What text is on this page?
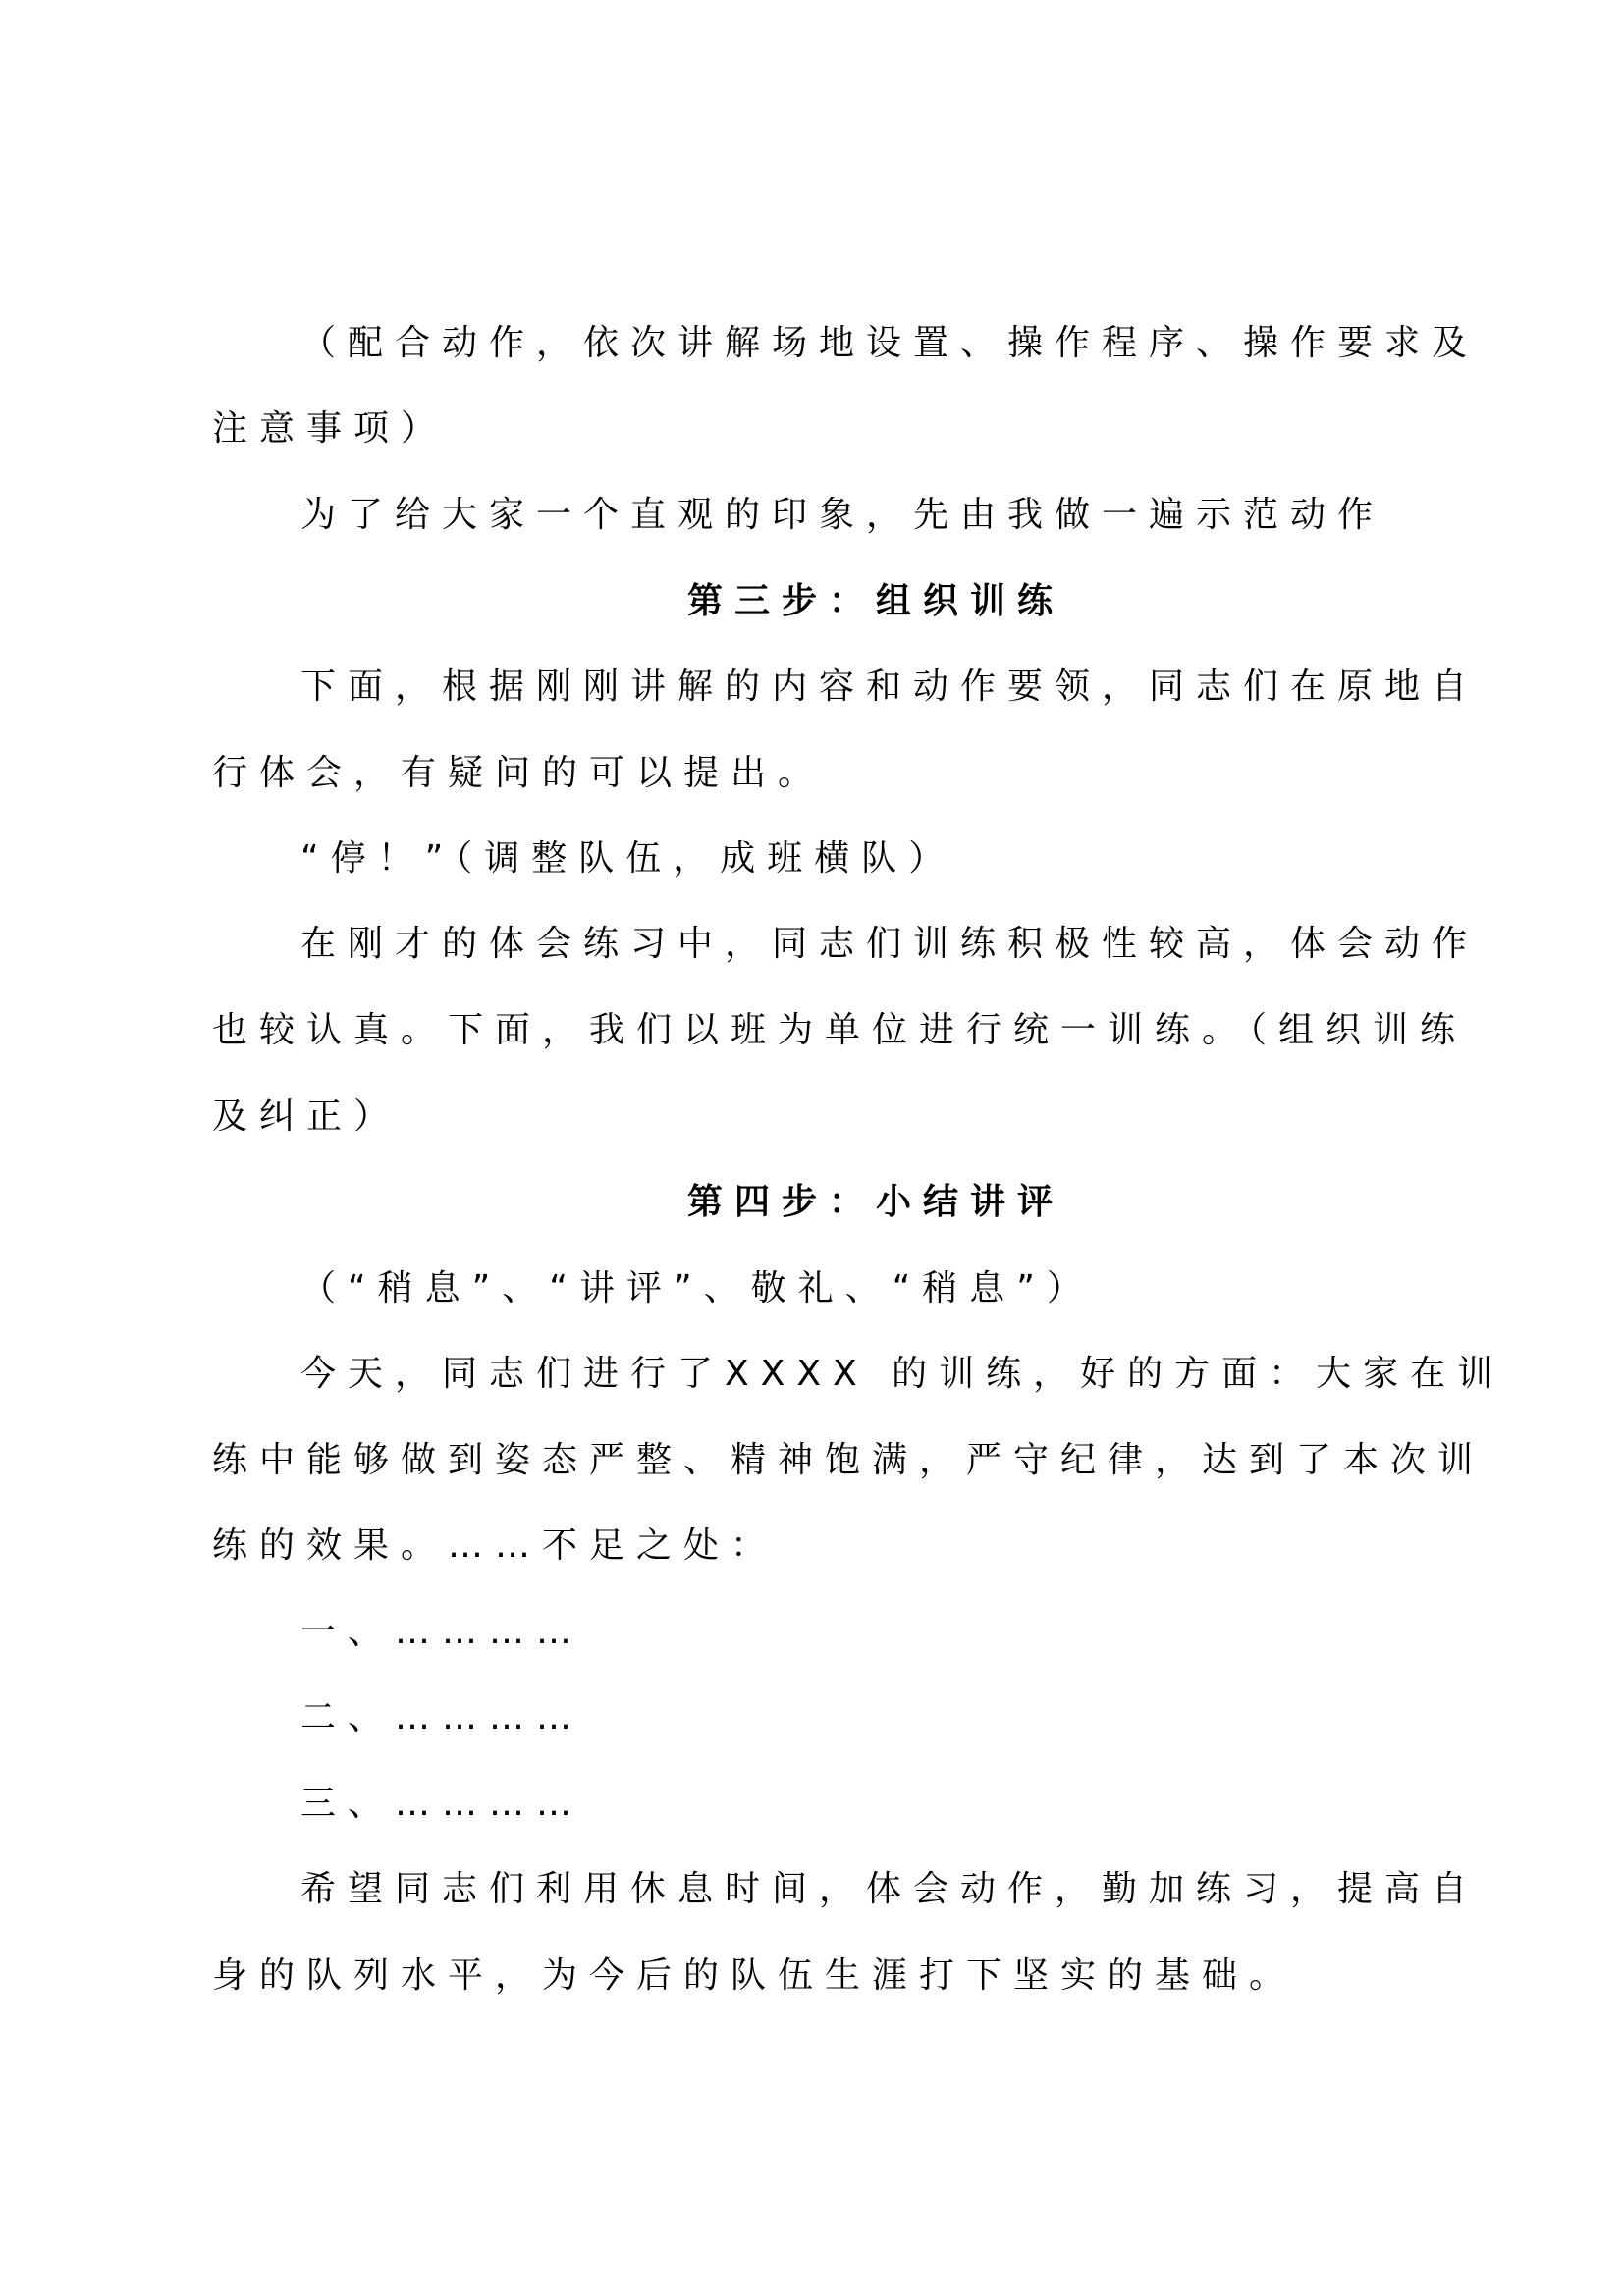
（配合动作，依次讲解场地设置、操作程序、操作要求及

注意事项）

为了给大家一个直观的印象，先由我做一遍示范动作

第三步：组织训练

下面，根据刚刚讲解的内容和动作要领，同志们在原地自

行体会，有疑问的可以提出。

“停！”（调整队伍，成班横队）

在刚才的体会练习中，同志们训练积极性较高，体会动作

也较认真。下面，我们以班为单位进行统一训练。（组织训练

及纠正）

第四步：小结讲评

（“稍息”、“讲评”、敬礼、“稍息”）

今天，同志们进行了XXXX 的训练，好的方面：大家在训

练中能够做到姿态严整、精神饱满，严守纪律，达到了本次训

练的效果。……不足之处：

一、…………

二、…………

三、…………

希望同志们利用休息时间，体会动作，勤加练习，提高自

身的队列水平，为今后的队伍生涯打下坚实的基础。
